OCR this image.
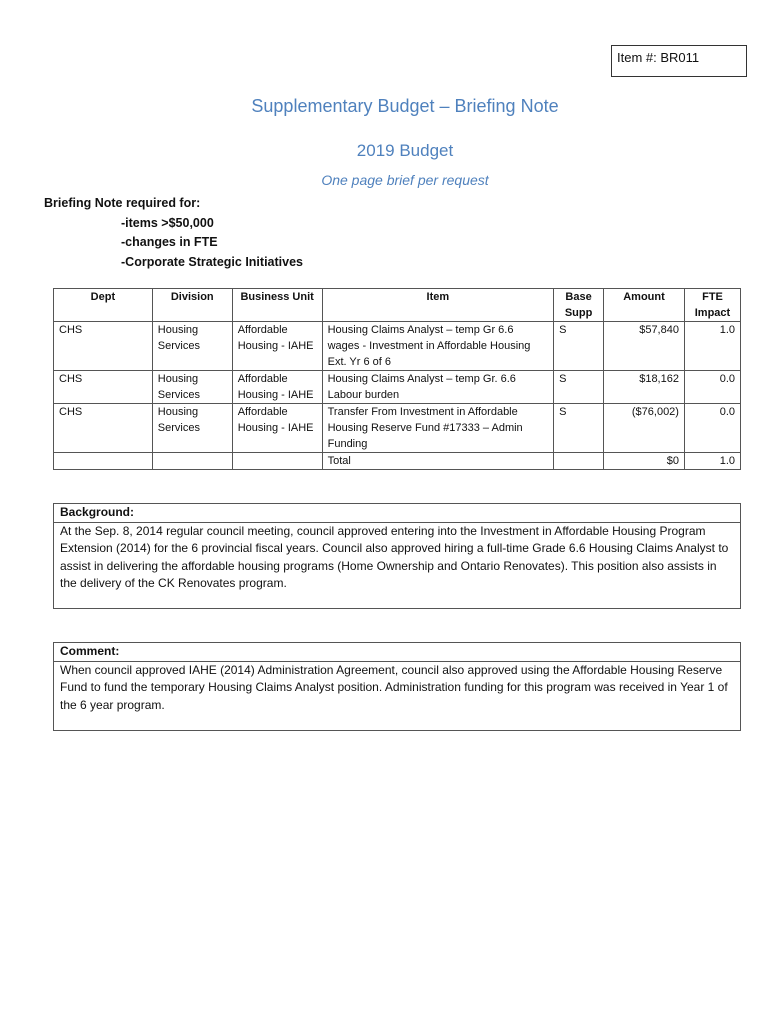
Item #: BR011
Supplementary Budget – Briefing Note
2019 Budget
One page brief per request
Briefing Note required for:
-items >$50,000
-changes in FTE
-Corporate Strategic Initiatives
Dept	Division	Business Unit	Item	Base Supp	Amount	FTE Impact
CHS	Housing Services	Affordable Housing - IAHE	Housing Claims Analyst – temp Gr 6.6 wages - Investment in Affordable Housing Ext. Yr 6 of 6	S	$57,840	1.0
CHS	Housing Services	Affordable Housing - IAHE	Housing Claims Analyst – temp Gr. 6.6 Labour burden	S	$18,162	0.0
CHS	Housing Services	Affordable Housing - IAHE	Transfer From Investment in Affordable Housing Reserve Fund #17333 – Admin Funding	S	($76,002)	0.0
			Total		$0	1.0
Background:
At the Sep. 8, 2014 regular council meeting, council approved entering into the Investment in Affordable Housing Program Extension (2014) for the 6 provincial fiscal years. Council also approved hiring a full-time Grade 6.6 Housing Claims Analyst to assist in delivering the affordable housing programs (Home Ownership and Ontario Renovates). This position also assists in the delivery of the CK Renovates program.
Comment:
When council approved IAHE (2014) Administration Agreement, council also approved using the Affordable Housing Reserve Fund to fund the temporary Housing Claims Analyst position. Administration funding for this program was received in Year 1 of the 6 year program.
